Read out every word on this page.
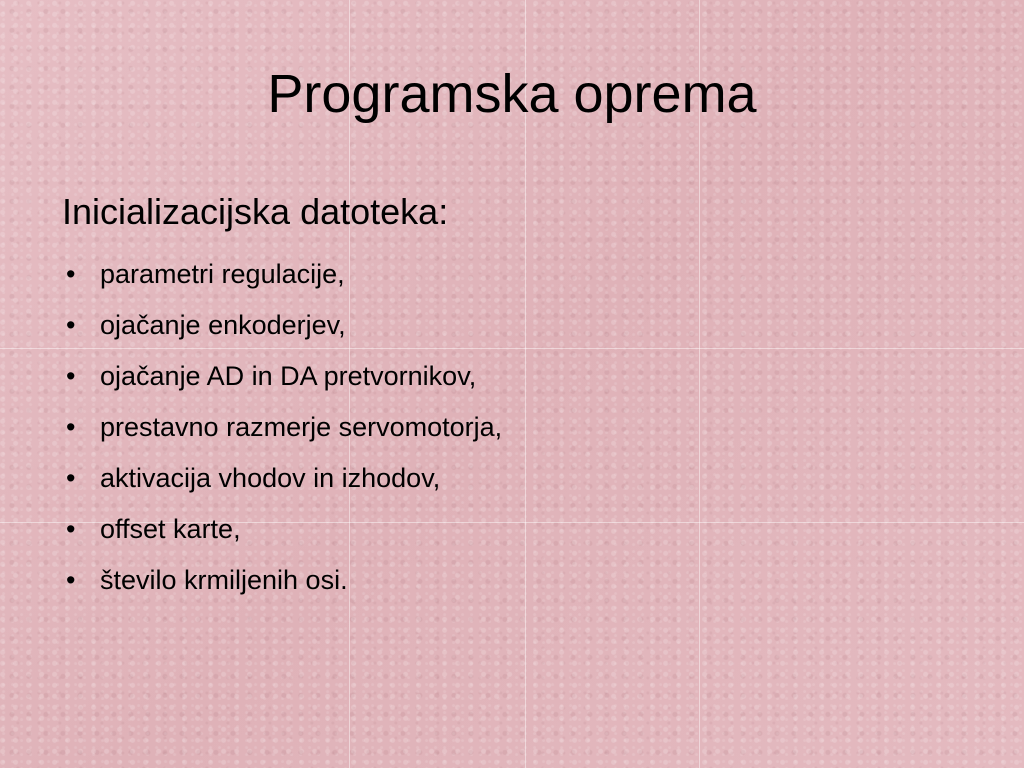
Programska oprema
Inicializacijska datoteka:
• parametri regulacije,
• ojačanje enkoderjev,
• ojačanje AD in DA pretvornikov,
• prestavno razmerje servomotorja,
• aktivacija vhodov in izhodov,
• offset karte,
• število krmiljenih osi.
